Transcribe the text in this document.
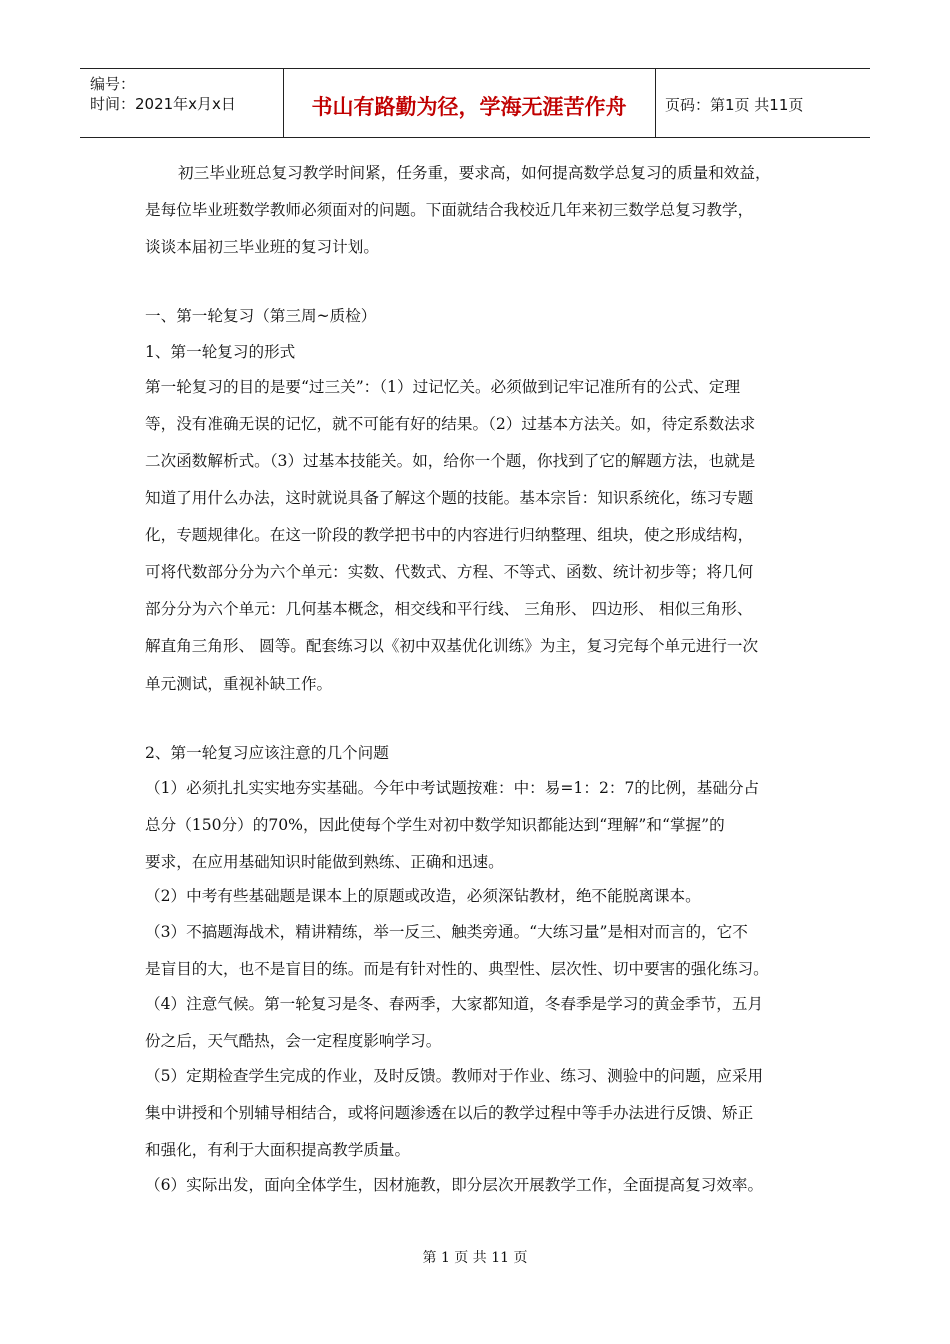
编号：
时间：2021年x月x日	书山有路勤为径，学海无涯苦作舟	页码：第1页 共11页
初三毕业班总复习教学时间紧，任务重，要求高，如何提高数学总复习的质量和效益，
是每位毕业班数学教师必须面对的问题。下面就结合我校近几年来初三数学总复习教学，
谈谈本届初三毕业班的复习计划。
一、第一轮复习（第三周~质检）
1、第一轮复习的形式
第一轮复习的目的是要“过三关”：（1）过记忆关。必须做到记牢记准所有的公式、定理
等，没有准确无误的记忆，就不可能有好的结果。（2）过基本方法关。如，待定系数法求
二次函数解析式。（3）过基本技能关。如，给你一个题，你找到了它的解题方法，也就是
知道了用什么办法，这时就说具备了解这个题的技能。基本宗旨：知识系统化，练习专题
化，专题规律化。在这一阶段的教学把书中的内容进行归纳整理、组块，使之形成结构，
可将代数部分分为六个单元：实数、代数式、方程、不等式、函数、统计初步等；将几何
部分分为六个单元：几何基本概念，相交线和平行线、 三角形、 四边形、 相似三角形、
解直角三角形、 圆等。配套练习以《初中双基优化训练》为主，复习完每个单元进行一次
单元测试，重视补缺工作。
2、第一轮复习应该注意的几个问题
（1）必须扎扎实实地夯实基础。今年中考试题按难：中：易=1：2：7的比例，基础分占
总分（150分）的70%，因此使每个学生对初中数学知识都能达到“理解”和“掌握”的
要求，在应用基础知识时能做到熟练、正确和迅速。
（2）中考有些基础题是课本上的原题或改造，必须深钻教材，绝不能脱离课本。
（3）不搞题海战术，精讲精练，举一反三、触类旁通。“大练习量”是相对而言的，它不
是盲目的大，也不是盲目的练。而是有针对性的、典型性、层次性、切中要害的强化练习。
（4）注意气候。第一轮复习是冬、春两季，大家都知道，冬春季是学习的黄金季节，五月
份之后，天气酷热，会一定程度影响学习。
（5）定期检查学生完成的作业，及时反馈。教师对于作业、练习、测验中的问题，应采用
集中讲授和个别辅导相结合，或将问题渗透在以后的教学过程中等手办法进行反馈、矫正
和强化，有利于大面积提高教学质量。
（6）实际出发，面向全体学生，因材施教，即分层次开展教学工作，全面提高复习效率。
第 1 页 共 11 页
